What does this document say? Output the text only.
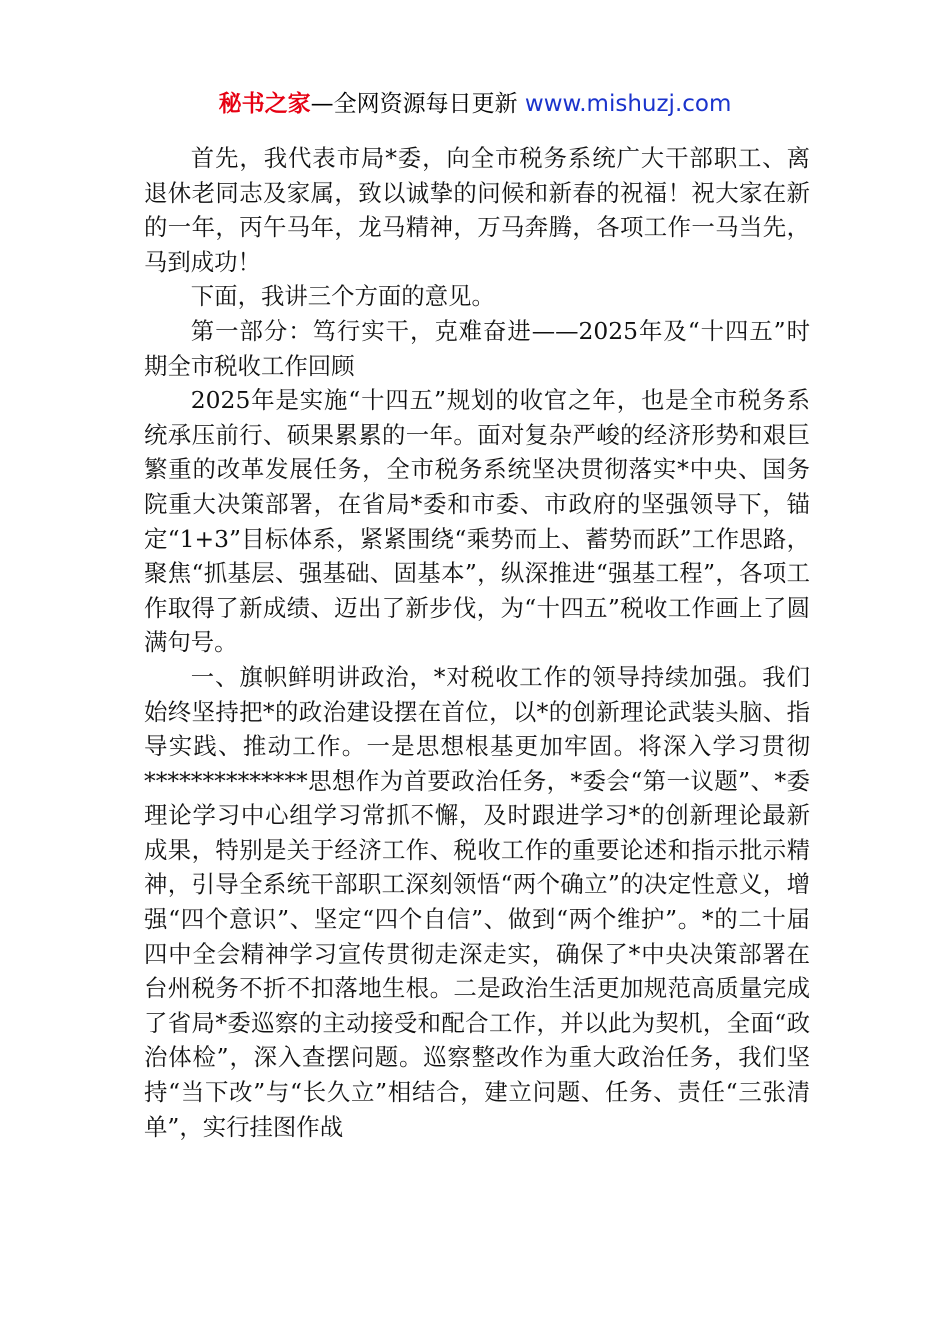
秘书之家—全网资源每日更新 www.mishuzj.com

首先，我代表市局*委，向全市税务系统广大干部职工、离退休老同志及家属，致以诚挚的问候和新春的祝福！祝大家在新的一年，丙午马年，龙马精神，万马奔腾，各项工作一马当先，马到成功！

下面，我讲三个方面的意见。

第一部分：笃行实干，克难奋进——2025年及“十四五”时期全市税收工作回顾

2025年是实施“十四五”规划的收官之年，也是全市税务系统承压前行、硕果累累的一年。面对复杂严峻的经济形势和艰巨繁重的改革发展任务，全市税务系统坚决贯彻落实*中央、国务院重大决策部署，在省局*委和市委、市政府的坚强领导下，锚定“1+3”目标体系，紧紧围绕“乘势而上、蓄势而跃”工作思路，聚焦“抓基层、强基础、固基本”，纵深推进“强基工程”，各项工作取得了新成绩、迈出了新步伐，为“十四五”税收工作画上了圆满句号。

一、旗帜鲜明讲政治，*对税收工作的领导持续加强。我们始终坚持把*的政治建设摆在首位，以*的创新理论武装头脑、指导实践、推动工作。一是思想根基更加牢固。将深入学习贯彻**************思想作为首要政治任务，*委会“第一议题”、*委理论学习中心组学习常抓不懈，及时跟进学习*的创新理论最新成果，特别是关于经济工作、税收工作的重要论述和指示批示精神，引导全系统干部职工深刻领悟“两个确立”的决定性意义，增强“四个意识”、坚定“四个自信”、做到“两个维护”。*的二十届四中全会精神学习宣传贯彻走深走实，确保了*中央决策部署在台州税务不折不扣落地生根。二是政治生活更加规范高质量完成了省局*委巡察的主动接受和配合工作，并以此为契机，全面“政治体检”，深入查摆问题。巡察整改作为重大政治任务，我们坚持“当下改”与“长久立”相结合，建立问题、任务、责任“三张清单”，实行挂图作战
